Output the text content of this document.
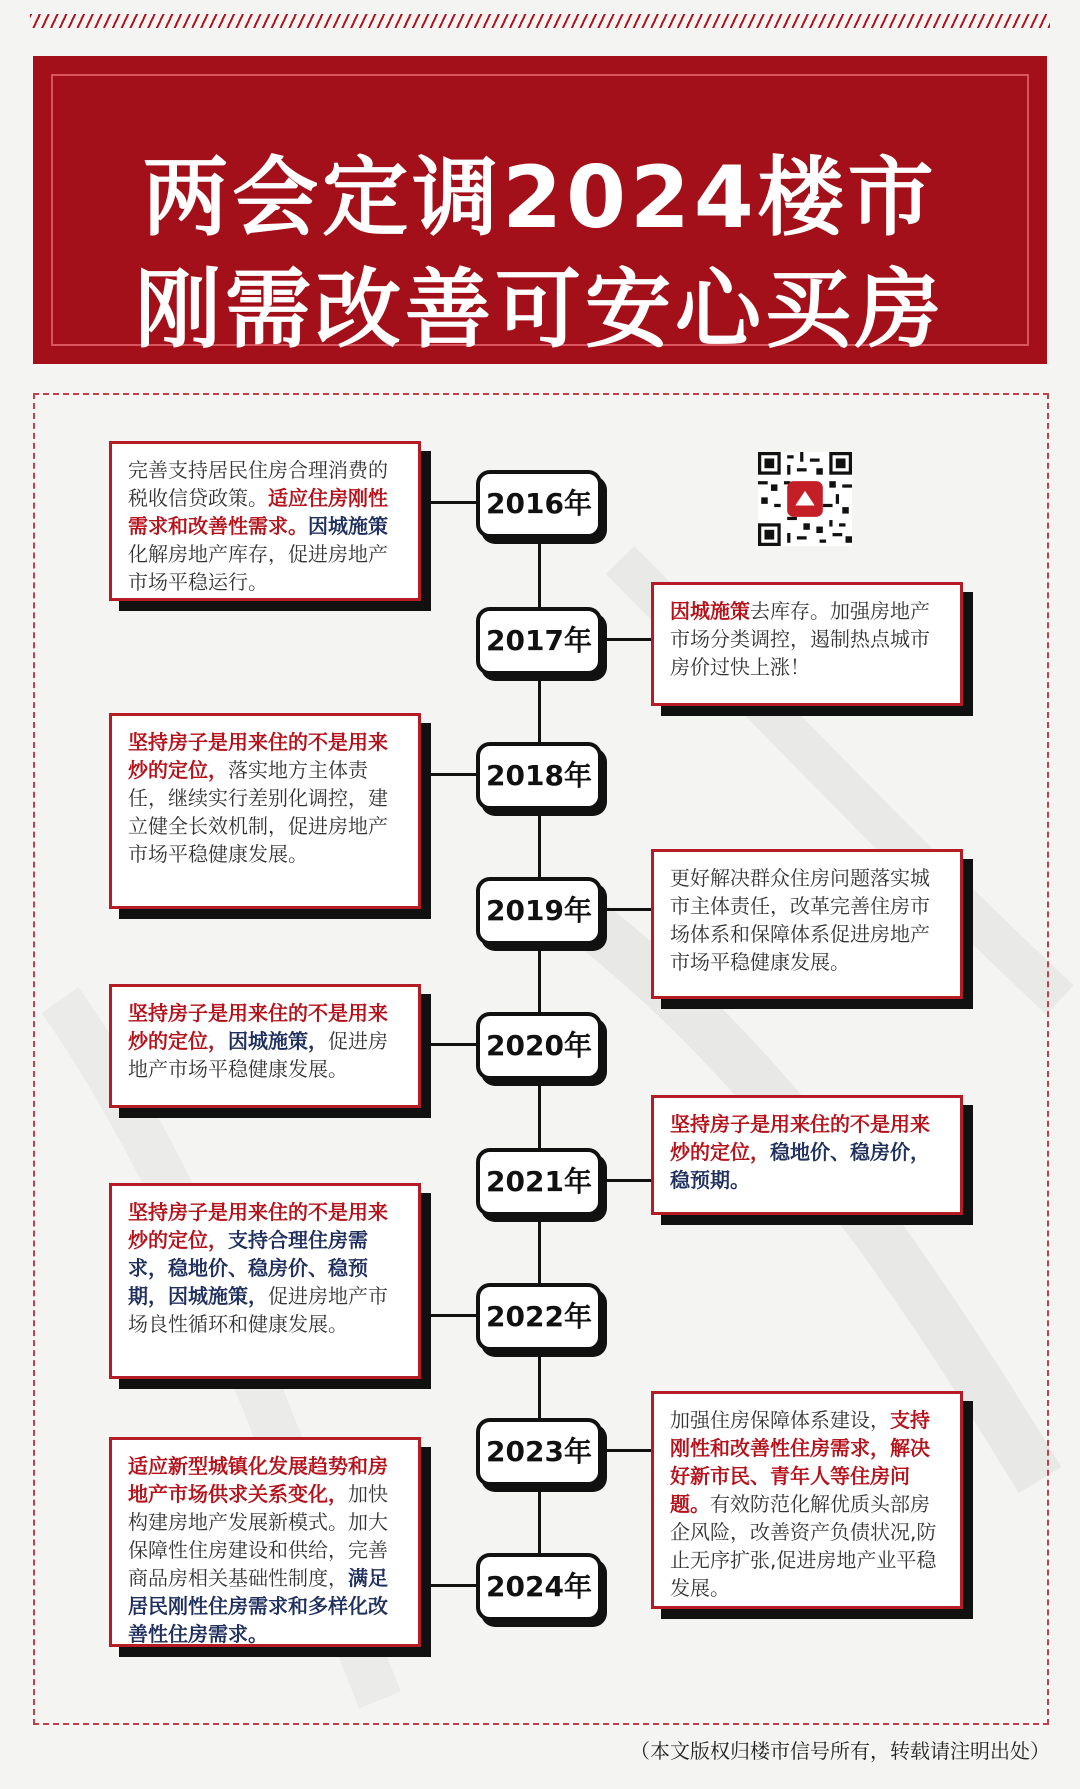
两会定调2024楼市
刚需改善可安心买房
2016年
2017年
2018年
2019年
2020年
2021年
2022年
2023年
2024年
完善支持居民住房合理消费的税收信贷政策。适应住房刚性需求和改善性需求。因城施策化解房地产库存，促进房地产市场平稳运行。
因城施策去库存。加强房地产市场分类调控，遏制热点城市房价过快上涨！
坚持房子是用来住的不是用来炒的定位，落实地方主体责任，继续实行差别化调控，建立健全长效机制，促进房地产市场平稳健康发展。
更好解决群众住房问题落实城市主体责任，改革完善住房市场体系和保障体系促进房地产市场平稳健康发展。
坚持房子是用来住的不是用来炒的定位，因城施策，促进房地产市场平稳健康发展。
坚持房子是用来住的不是用来炒的定位，稳地价、稳房价，稳预期。
坚持房子是用来住的不是用来炒的定位，支持合理住房需求，稳地价、稳房价、稳预期，因城施策，促进房地产市场良性循环和健康发展。
加强住房保障体系建设，支持刚性和改善性住房需求，解决好新市民、青年人等住房问题。有效防范化解优质头部房企风险，改善资产负债状况,防止无序扩张,促进房地产业平稳发展。
适应新型城镇化发展趋势和房地产市场供求关系变化，加快构建房地产发展新模式。加大保障性住房建设和供给，完善商品房相关基础性制度，满足居民刚性住房需求和多样化改善性住房需求。
（本文版权归楼市信号所有，转载请注明出处）
